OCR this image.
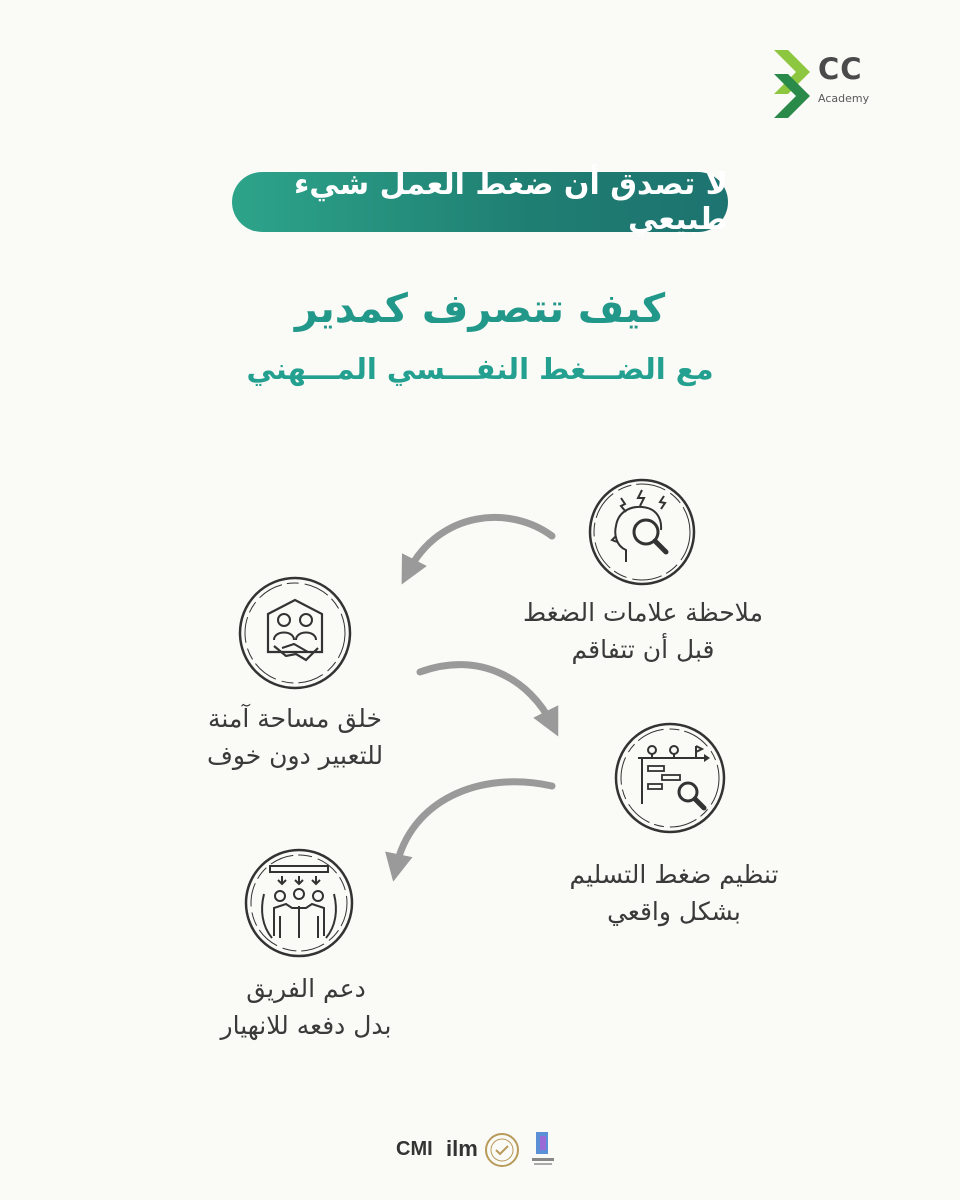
CC
Academy
لا تصدق أن ضغط العمل شيء طبيعي
كيف تتصرف كمدير
مع الضـــغط النفـــسي المـــهني
ملاحظة علامات الضغط
قبل أن تتفاقم
خلق مساحة آمنة
للتعبير دون خوف
تنظيم ضغط التسليم
بشكل واقعي
دعم الفريق
بدل دفعه للانهيار
CMI ilm
